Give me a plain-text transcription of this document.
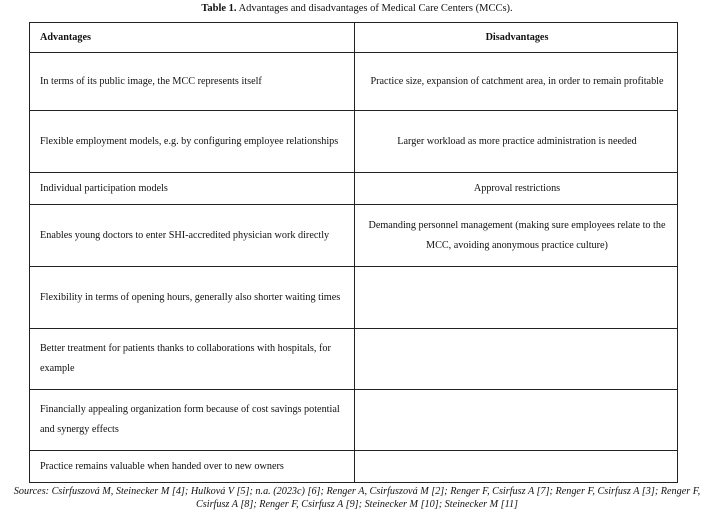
Table 1. Advantages and disadvantages of Medical Care Centers (MCCs).
Advantages	Disadvantages
In terms of its public image, the MCC represents itself	Practice size, expansion of catchment area, in order to remain profitable
Flexible employment models, e.g. by configuring employee relationships	Larger workload as more practice administration is needed
Individual participation models	Approval restrictions
Enables young doctors to enter SHI-accredited physician work directly	Demanding personnel management (making sure employees relate to the MCC, avoiding anonymous practice culture)
Flexibility in terms of opening hours, generally also shorter waiting times	
Better treatment for patients thanks to collaborations with hospitals, for example	
Financially appealing organization form because of cost savings potential and synergy effects	
Practice remains valuable when handed over to new owners	
Sources: Csirfuszová M, Steinecker M [4]; Hulková V [5]; n.a. (2023c) [6]; Renger A, Csirfuszová M [2]; Renger F, Csirfusz A [7]; Renger F, Csirfusz A [3]; Renger F, Csirfusz A [8]; Renger F, Csirfusz A [9]; Steinecker M [10]; Steinecker M [11]
